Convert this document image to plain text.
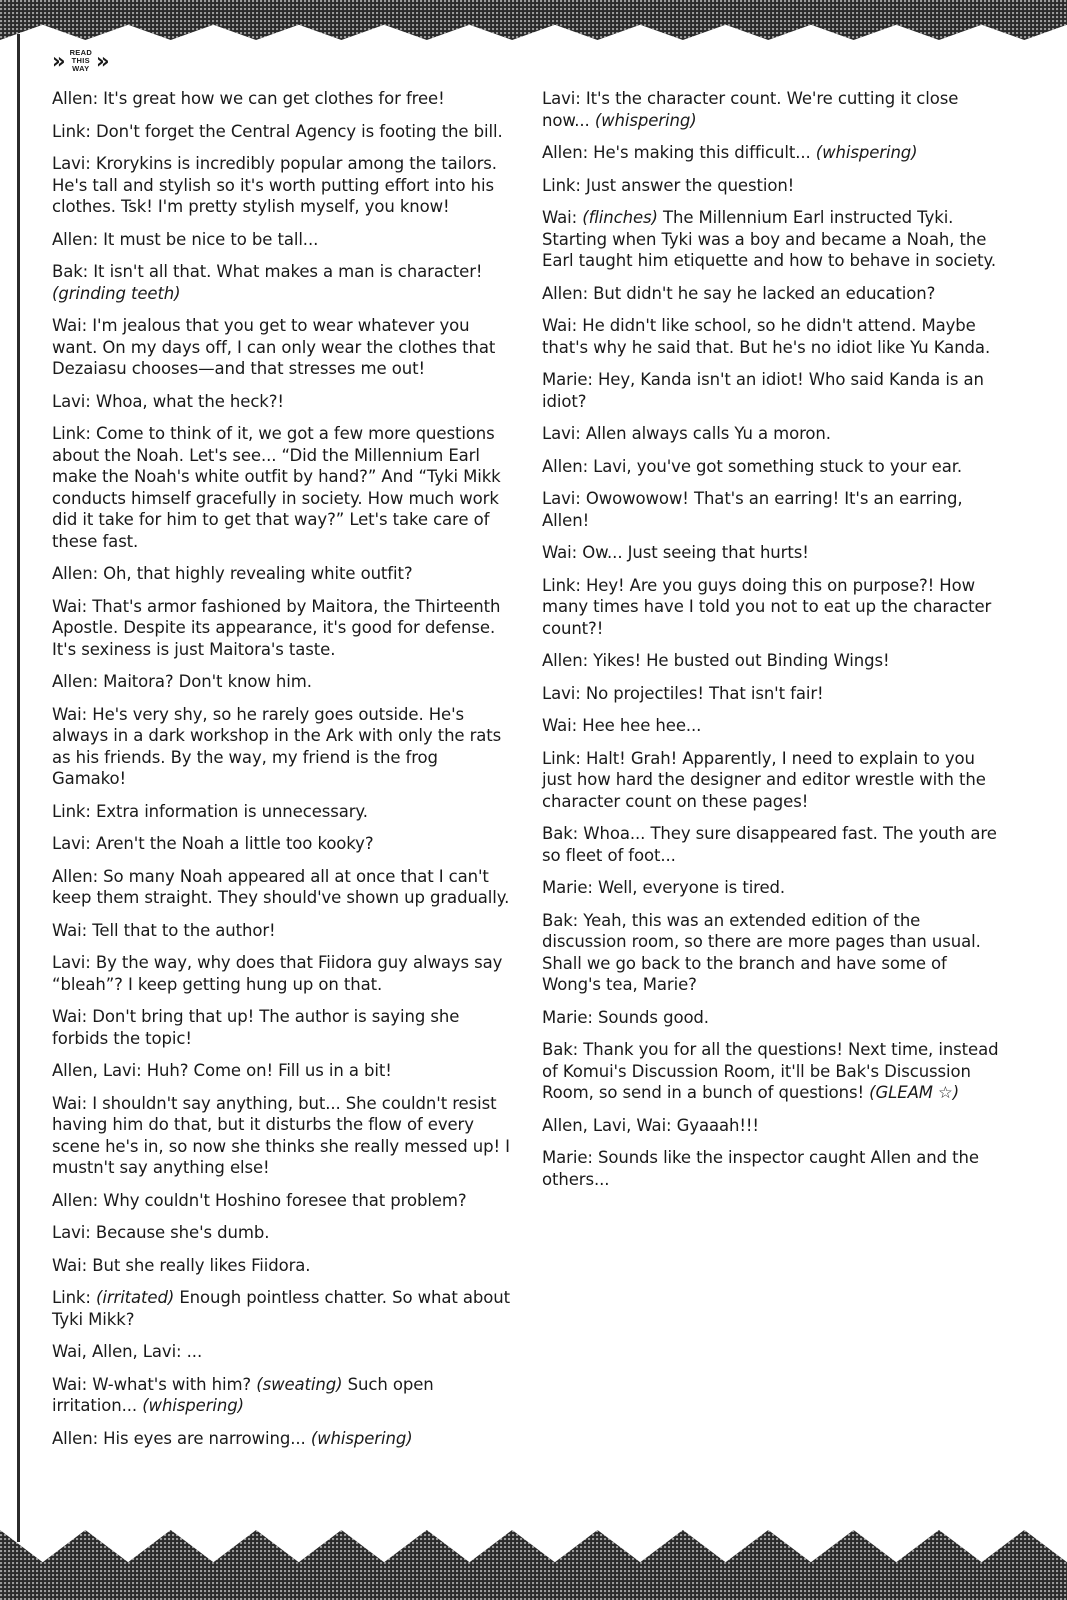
» READ
THIS
WAY »

Allen: It's great how we can get clothes for free!

Link: Don't forget the Central Agency is footing the bill.

Lavi: Krorykins is incredibly popular among the tailors. He's tall and stylish so it's worth putting effort into his clothes. Tsk! I'm pretty stylish myself, you know!

Allen: It must be nice to be tall...

Bak: It isn't all that. What makes a man is character! (grinding teeth)

Wai: I'm jealous that you get to wear whatever you want. On my days off, I can only wear the clothes that Dezaiasu chooses—and that stresses me out!

Lavi: Whoa, what the heck?!

Link: Come to think of it, we got a few more questions about the Noah. Let's see... “Did the Millennium Earl make the Noah's white outfit by hand?” And “Tyki Mikk conducts himself gracefully in society. How much work did it take for him to get that way?” Let's take care of these fast.

Allen: Oh, that highly revealing white outfit?

Wai: That's armor fashioned by Maitora, the Thirteenth Apostle. Despite its appearance, it's good for defense. It's sexiness is just Maitora's taste.

Allen: Maitora? Don't know him.

Wai: He's very shy, so he rarely goes outside. He's always in a dark workshop in the Ark with only the rats as his friends. By the way, my friend is the frog Gamako!

Link: Extra information is unnecessary.

Lavi: Aren't the Noah a little too kooky?

Allen: So many Noah appeared all at once that I can't keep them straight. They should've shown up gradually.

Wai: Tell that to the author!

Lavi: By the way, why does that Fiidora guy always say “bleah”? I keep getting hung up on that.

Wai: Don't bring that up! The author is saying she forbids the topic!

Allen, Lavi: Huh? Come on! Fill us in a bit!

Wai: I shouldn't say anything, but... She couldn't resist having him do that, but it disturbs the flow of every scene he's in, so now she thinks she really messed up! I mustn't say anything else!

Allen: Why couldn't Hoshino foresee that problem?

Lavi: Because she's dumb.

Wai: But she really likes Fiidora.

Link: (irritated) Enough pointless chatter. So what about Tyki Mikk?

Wai, Allen, Lavi: ...

Wai: W-what's with him? (sweating) Such open irritation... (whispering)

Allen: His eyes are narrowing... (whispering)

Lavi: It's the character count. We're cutting it close now... (whispering)

Allen: He's making this difficult... (whispering)

Link: Just answer the question!

Wai: (flinches) The Millennium Earl instructed Tyki. Starting when Tyki was a boy and became a Noah, the Earl taught him etiquette and how to behave in society.

Allen: But didn't he say he lacked an education?

Wai: He didn't like school, so he didn't attend. Maybe that's why he said that. But he's no idiot like Yu Kanda.

Marie: Hey, Kanda isn't an idiot! Who said Kanda is an idiot?

Lavi: Allen always calls Yu a moron.

Allen: Lavi, you've got something stuck to your ear.

Lavi: Owowowow! That's an earring! It's an earring, Allen!

Wai: Ow... Just seeing that hurts!

Link: Hey! Are you guys doing this on purpose?! How many times have I told you not to eat up the character count?!

Allen: Yikes! He busted out Binding Wings!

Lavi: No projectiles! That isn't fair!

Wai: Hee hee hee...

Link: Halt! Grah! Apparently, I need to explain to you just how hard the designer and editor wrestle with the character count on these pages!

Bak: Whoa... They sure disappeared fast. The youth are so fleet of foot...

Marie: Well, everyone is tired.

Bak: Yeah, this was an extended edition of the discussion room, so there are more pages than usual. Shall we go back to the branch and have some of Wong's tea, Marie?

Marie: Sounds good.

Bak: Thank you for all the questions! Next time, instead of Komui's Discussion Room, it'll be Bak's Discussion Room, so send in a bunch of questions! (GLEAM ☆)

Allen, Lavi, Wai: Gyaaah!!!

Marie: Sounds like the inspector caught Allen and the others...
